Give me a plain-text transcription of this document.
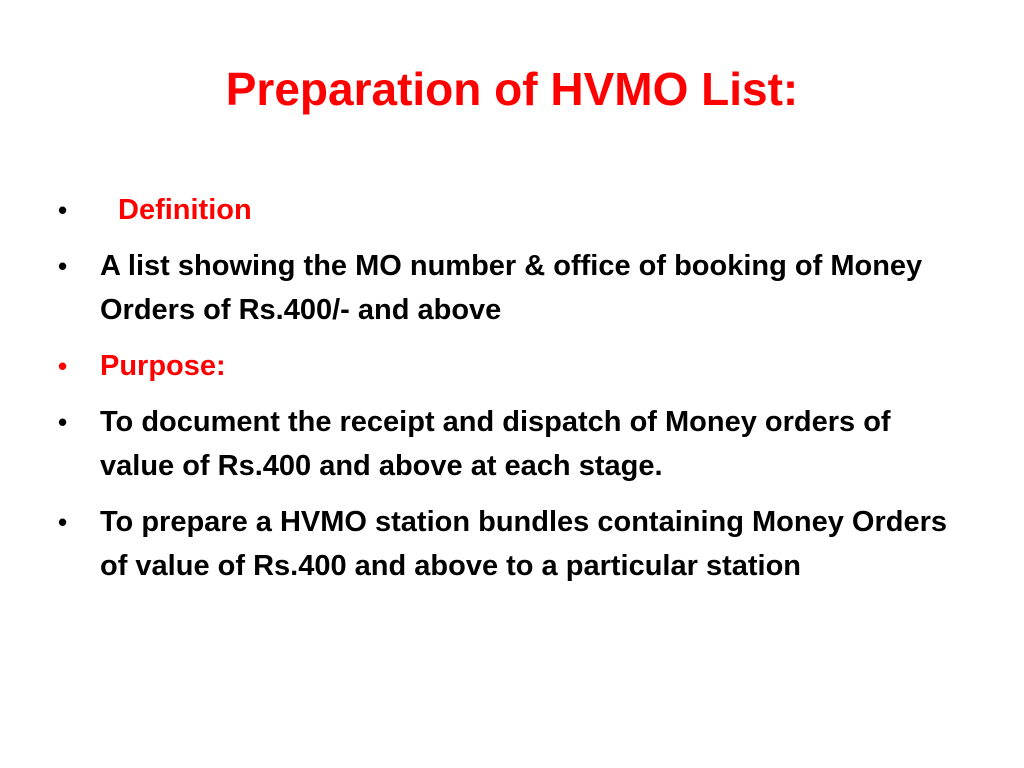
Preparation of HVMO List:
•	Definition
•	A list showing the MO number & office of booking of Money Orders of Rs.400/- and above
•	Purpose:
•	To document the receipt and dispatch of Money orders of value of Rs.400 and above at each stage.
•	To prepare a HVMO station bundles containing Money Orders of value of Rs.400 and above to a particular station
